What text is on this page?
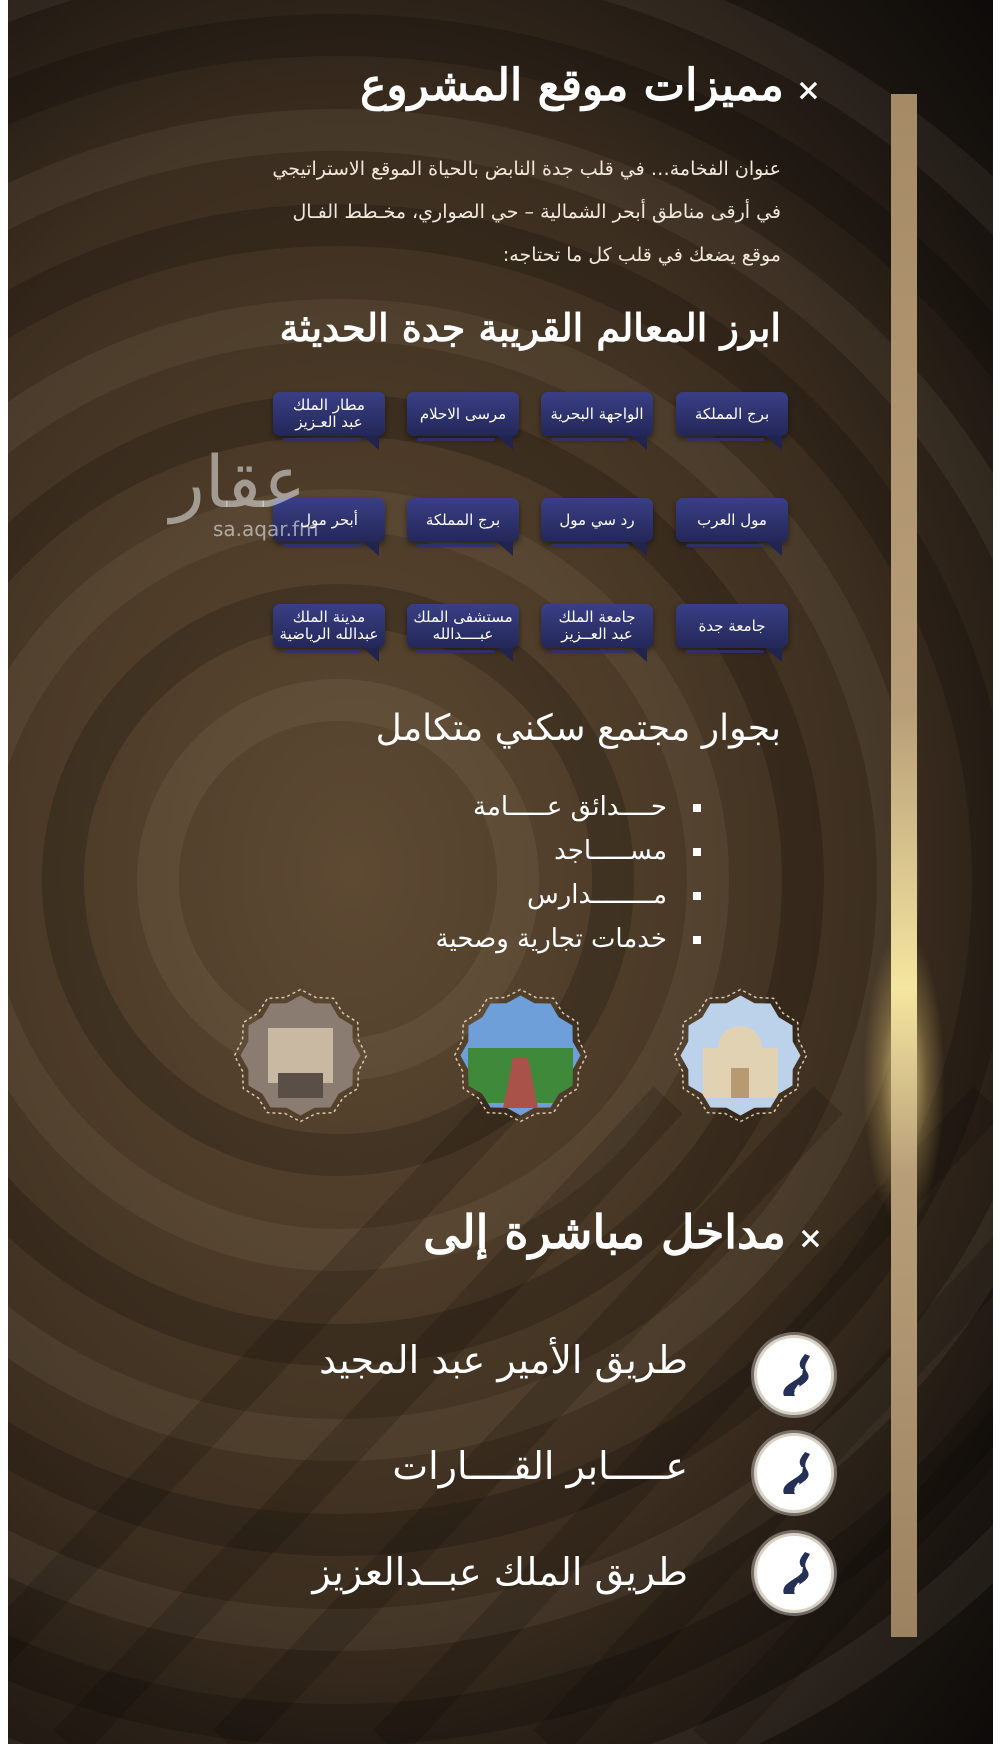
×مميزات موقع المشروع
عنوان الفخامة… في قلب جدة النابض بالحياة الموقع الاستراتيجي
في أرقى مناطق أبحر الشمالية – حي الصواري، مخـطط الفـال
موقع يضعك في قلب كل ما تحتاجه:
ابرز المعالم القريبة جدة الحديثة
برج المملكة
الواجهة البحرية
مرسى الاحلام
مطار الملك
عبد العـزيز
مول العرب
رد سي مول
برج المملكة
أبحر مول
جامعة جدة
جامعة الملك
عبد العــزيز
مستشفى الملك
عبــــدالله
مدينة الملك
عبدالله الرياضية
عقار
sa.aqar.fm
بجوار مجتمع سكني متكامل
حــــدائق عـــــامة
مســـــاجد
مــــــــدارس
خدمات تجارية وصحية
×مداخل مباشرة إلى
طريق الأمير عبد المجيد
عـــــابر القــــارات
طريق الملك عبــدالعزيز
